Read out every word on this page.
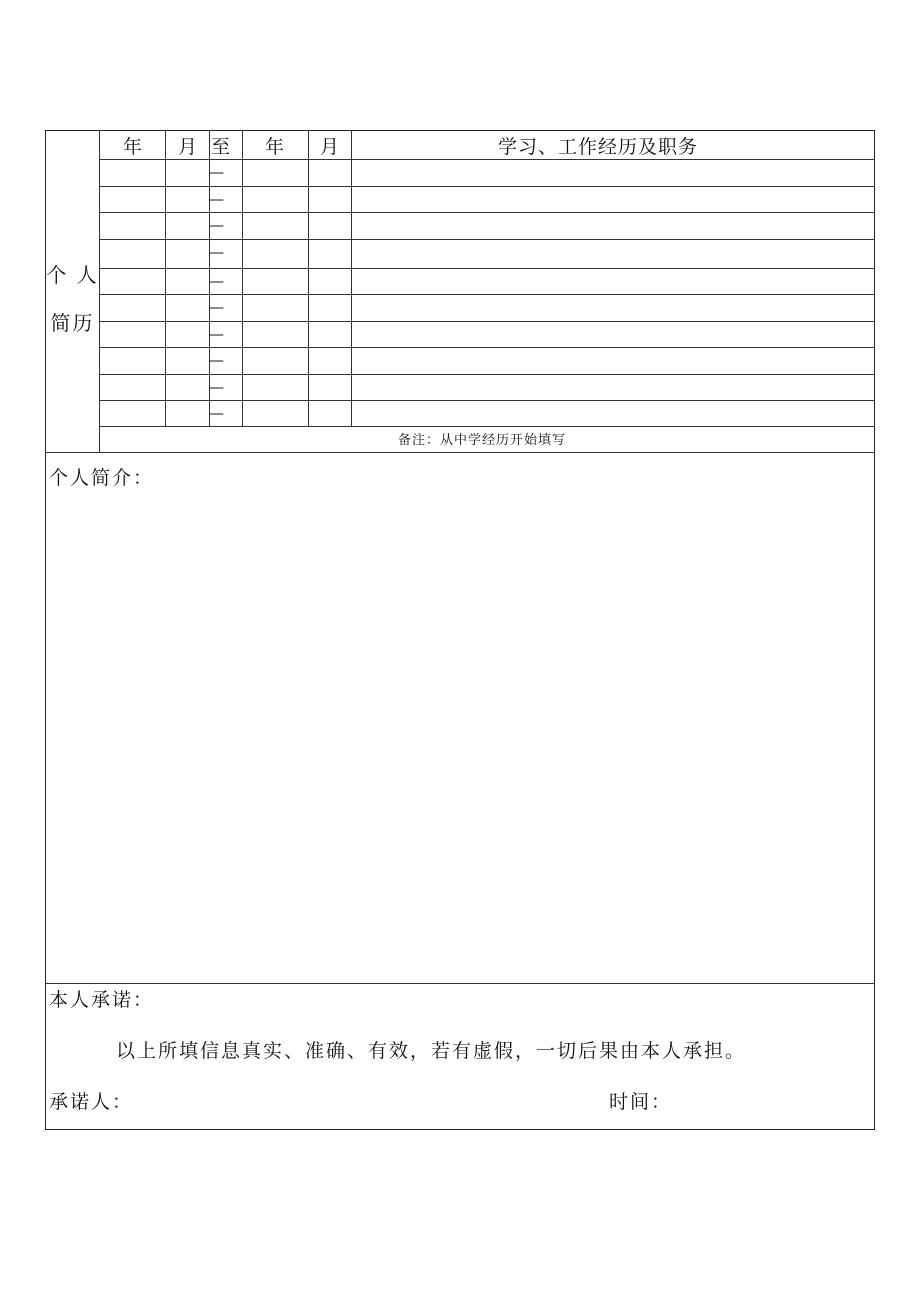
个 人
简历
年 月 至 年 月	学习、工作经历及职务
—
—
—
—
—
—
—
—
—
—
备注：从中学经历开始填写
个人简介：
本人承诺：
以上所填信息真实、准确、有效，若有虚假，一切后果由本人承担。
承诺人：	时间：
